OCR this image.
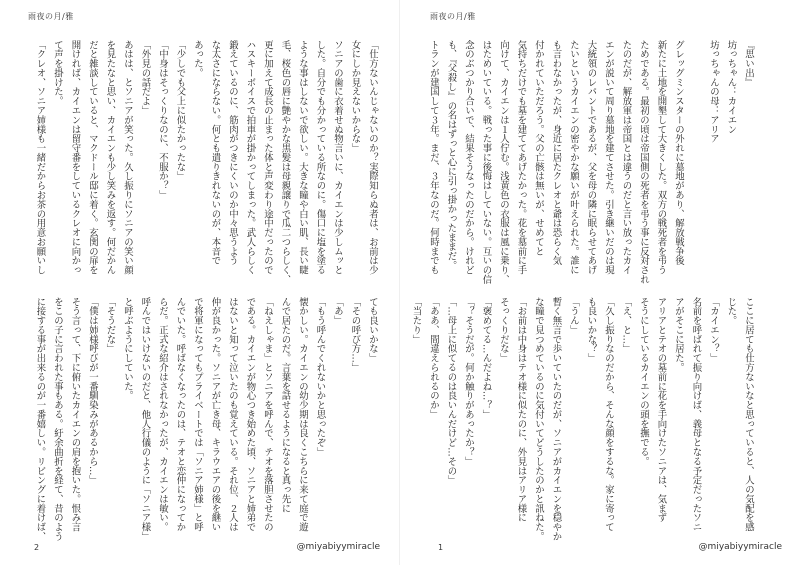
雨夜の月/雅
「仕方ないんじゃないのか？実際知らぬ者は、お前は少
女にしか見えないからな」
ソニアの歯に衣着せぬ物言いに、カイエンは少しムッと
した。自分でも分かっている所なのに。傷口に塩を塗る
ような事はしないで欲しい。大きな瞳や白い肌、長い睫
毛、桜色の唇に艶やかな黒髪は母親譲りで瓜二つらしく、
更に加えて成長の止まった体と声変わり途中だったので
ハスキーボイスで拍車が掛かってしまった。武人らしく
鍛えているのに、筋肉がつきにくいのか中々思うよう
な太さにならない。何とも遣りきれないのが、本音で
あった。
「少しでも父上に似たかったな」
「中身はそっくりなのに、不服か？」
「外見の話だよ」
あはは、とソニアが笑った。久し振りにソニアの笑い顔
を見たなと思い、カイエンも少し笑みを返す。何だかん
だと雑談していると、マクドール邸に着く。玄関の扉を
開ければ、カイエンは留守番をしているクレオに向かっ
て声を掛けた。
「クレオ、ソニア姉様も一緒だからお茶の用意お願いし
ても良いかな」
「その呼び方…」
「あ」
「もう呼んでくれないかと思ったぞ」
懐かしい。カイエンの幼少期は良くこちらに来て庭で遊
んで居たのだ。言葉を話せるようになると真っ先に
「ねえしゃま」とソニアを呼んで、テオを落胆させたの
である。カイエンが物心つき始めた頃、ソニアと姉弟で
はないと知って泣いたのも覚えている。それ位、２人は
仲が良かった。ソニアが亡き母、キラウエアの後を継い
で将軍になってもプライベートでは「ソニア姉様」と呼
んでいた。呼ばなくなったのは、テオと恋仲になってか
らだ。正式な紹介はされなかったが、カイエンは敏い。
呼んではいけないのだと、他人行儀のように「ソニア様」
と呼ぶようにしていた。
「そうだな」
「僕は姉様呼びが一番馴染みがあるから…」
そう言って、下に俯いたカイエンの肩を抱いた。恨み言
をこの子に言われた事もある。紆余曲折を経て、昔のよう
に接する事が出来るのが一番嬉しい。リビングに着けば、
2	@miyabiyymiracle
雨夜の月/雅
『思い出』
坊っちゃん：カイエン
坊っちゃんの母：アリア
グレッグミンスターの外れに墓地があり、解放戦争後
新たに土地を開墾して大きくした。双方の戦死者を弔う
ためである。最初の頃は帝国側の死者を弔う事に反対され
たのだが、解放軍は帝国とは違うのだと言い放ったカイ
エンが説いて周り墓地を建てさせた。引き継いだのは現
大統領のレパントであるが、父を母の隣に眠らせてあげ
たいというカイエンの密やかな願いが叶えられた。誰に
も言わなかったが、身近に居たクレオと爺は恐らく気
付かれていただろう。父の亡骸は無いが、せめてと
気持ちだけでも墓を建ててあげたかった。花を墓前に手
向けて、カイエンは１人佇む。浅黄色の衣服は風に乗り、
はためいている。戦った事に後悔はしていない。互いの信
念のぶつかり合いで、結果そうなったのだから。けれど
も、『父殺し』の名はずっと心に引っ掛かったままだ。
トランが建国して３年。まだ、３年なのだ。何時までも
ここに居ても仕方ないなと思っていると、人の気配を感
じた。
「カイエン？」
名前を呼ばれて振り向けば、義母となる予定だったソニ
アがそこに居た。
アリアとテオの墓前に花を手向けたソニアは、気まず
そうにしているカイエンの頭を撫でる。
「え、と…」
「久し振りなのだから、そんな顔をするな。家に寄って
も良いかな？」
「うん」
暫く無言で歩いていたのだが、ソニアがカイエンを穏やか
な瞳で見つめているのに気付いてどうしたのかと訊ねた。
「お前は中身はテオ様に似たのに、外見はアリア様に
そっくりだな」
「褒めてる…んだよね…？」
「？そうだが。何か触りがあったか？」
「…母上に似てるのは良いんだけど…その」
「ああ、間違えられるのか」
「当たり」
1	@miyabiyymiracle
